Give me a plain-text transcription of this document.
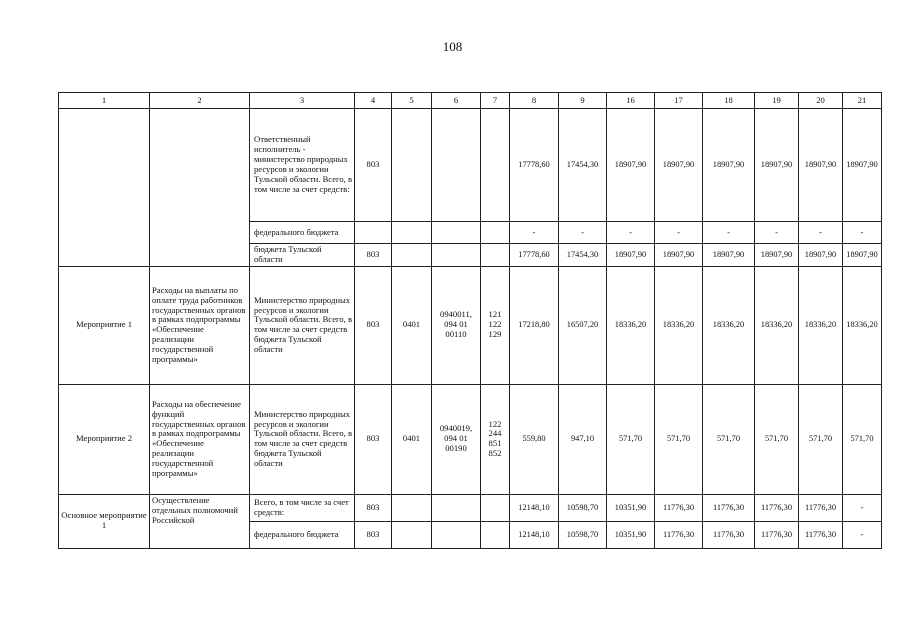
108
1	2	3	4	5	6	7	8	9	16	17	18	19	20	21
		Ответственный исполнитель - министерство природных ресурсов и экологии Тульской области. Всего, в том числе за счет средств:	803				17778,60	17454,30	18907,90	18907,90	18907,90	18907,90	18907,90	18907,90
		федерального бюджета					-	-	-	-	-	-	-	-
		бюджета Тульской области	803				17778,60	17454,30	18907,90	18907,90	18907,90	18907,90	18907,90	18907,90
Мероприятие 1	Расходы на выплаты по оплате труда работников государственных органов в рамках подпрограммы «Обеспечение реализации государственной программы»	Министерство природных ресурсов и экологии Тульской области. Всего, в том числе за счет средств бюджета Тульской области	803	0401	0940011, 094 01 00110	121 122 129	17218,80	16507,20	18336,20	18336,20	18336,20	18336,20	18336,20	18336,20
Мероприятие 2	Расходы на обеспечение функций государственных органов в рамках подпрограммы «Обеспечение реализации государственной программы»	Министерство природных ресурсов и экологии Тульской области. Всего, в том числе за счет средств бюджета Тульской области	803	0401	0940019, 094 01 00190	122 244 851 852	559,80	947,10	571,70	571,70	571,70	571,70	571,70	571,70
Основное мероприятие 1	Осуществление отдельных полномочий Российской	Всего, в том числе за счет средств:	803				12148,10	10598,70	10351,90	11776,30	11776,30	11776,30	11776,30	-
		федерального бюджета	803				12148,10	10598,70	10351,90	11776,30	11776,30	11776,30	11776,30	-
